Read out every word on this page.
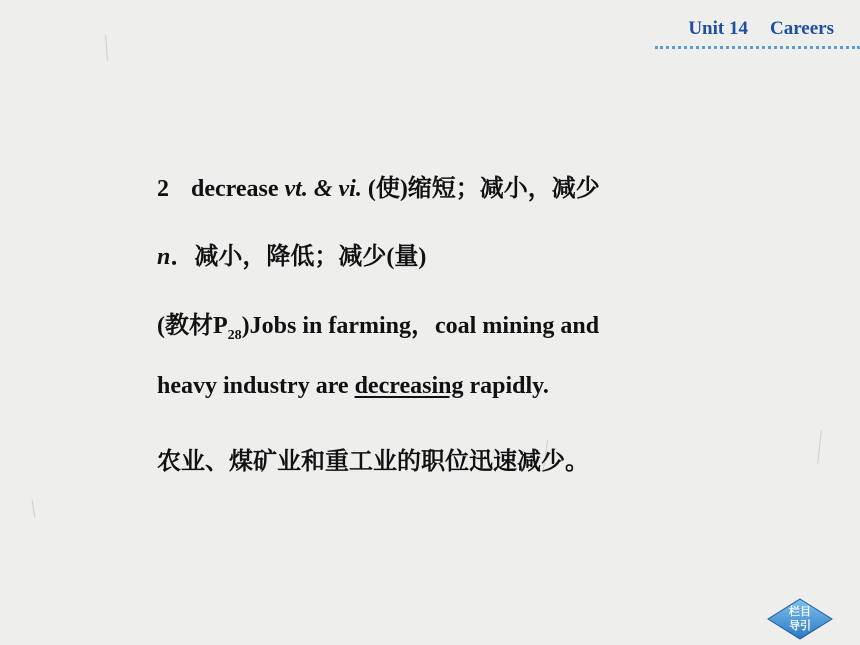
Unit 14 Careers
2 decrease vt. & vi. (使)缩短；减小，减少
n．减小，降低；减少(量)
(教材$P_{28})Jobs$ in farming，coal mining and
heavy industry are decreasing rapidly.
农业、煤矿业和重工业的职位迅速减少。
栏目导引
